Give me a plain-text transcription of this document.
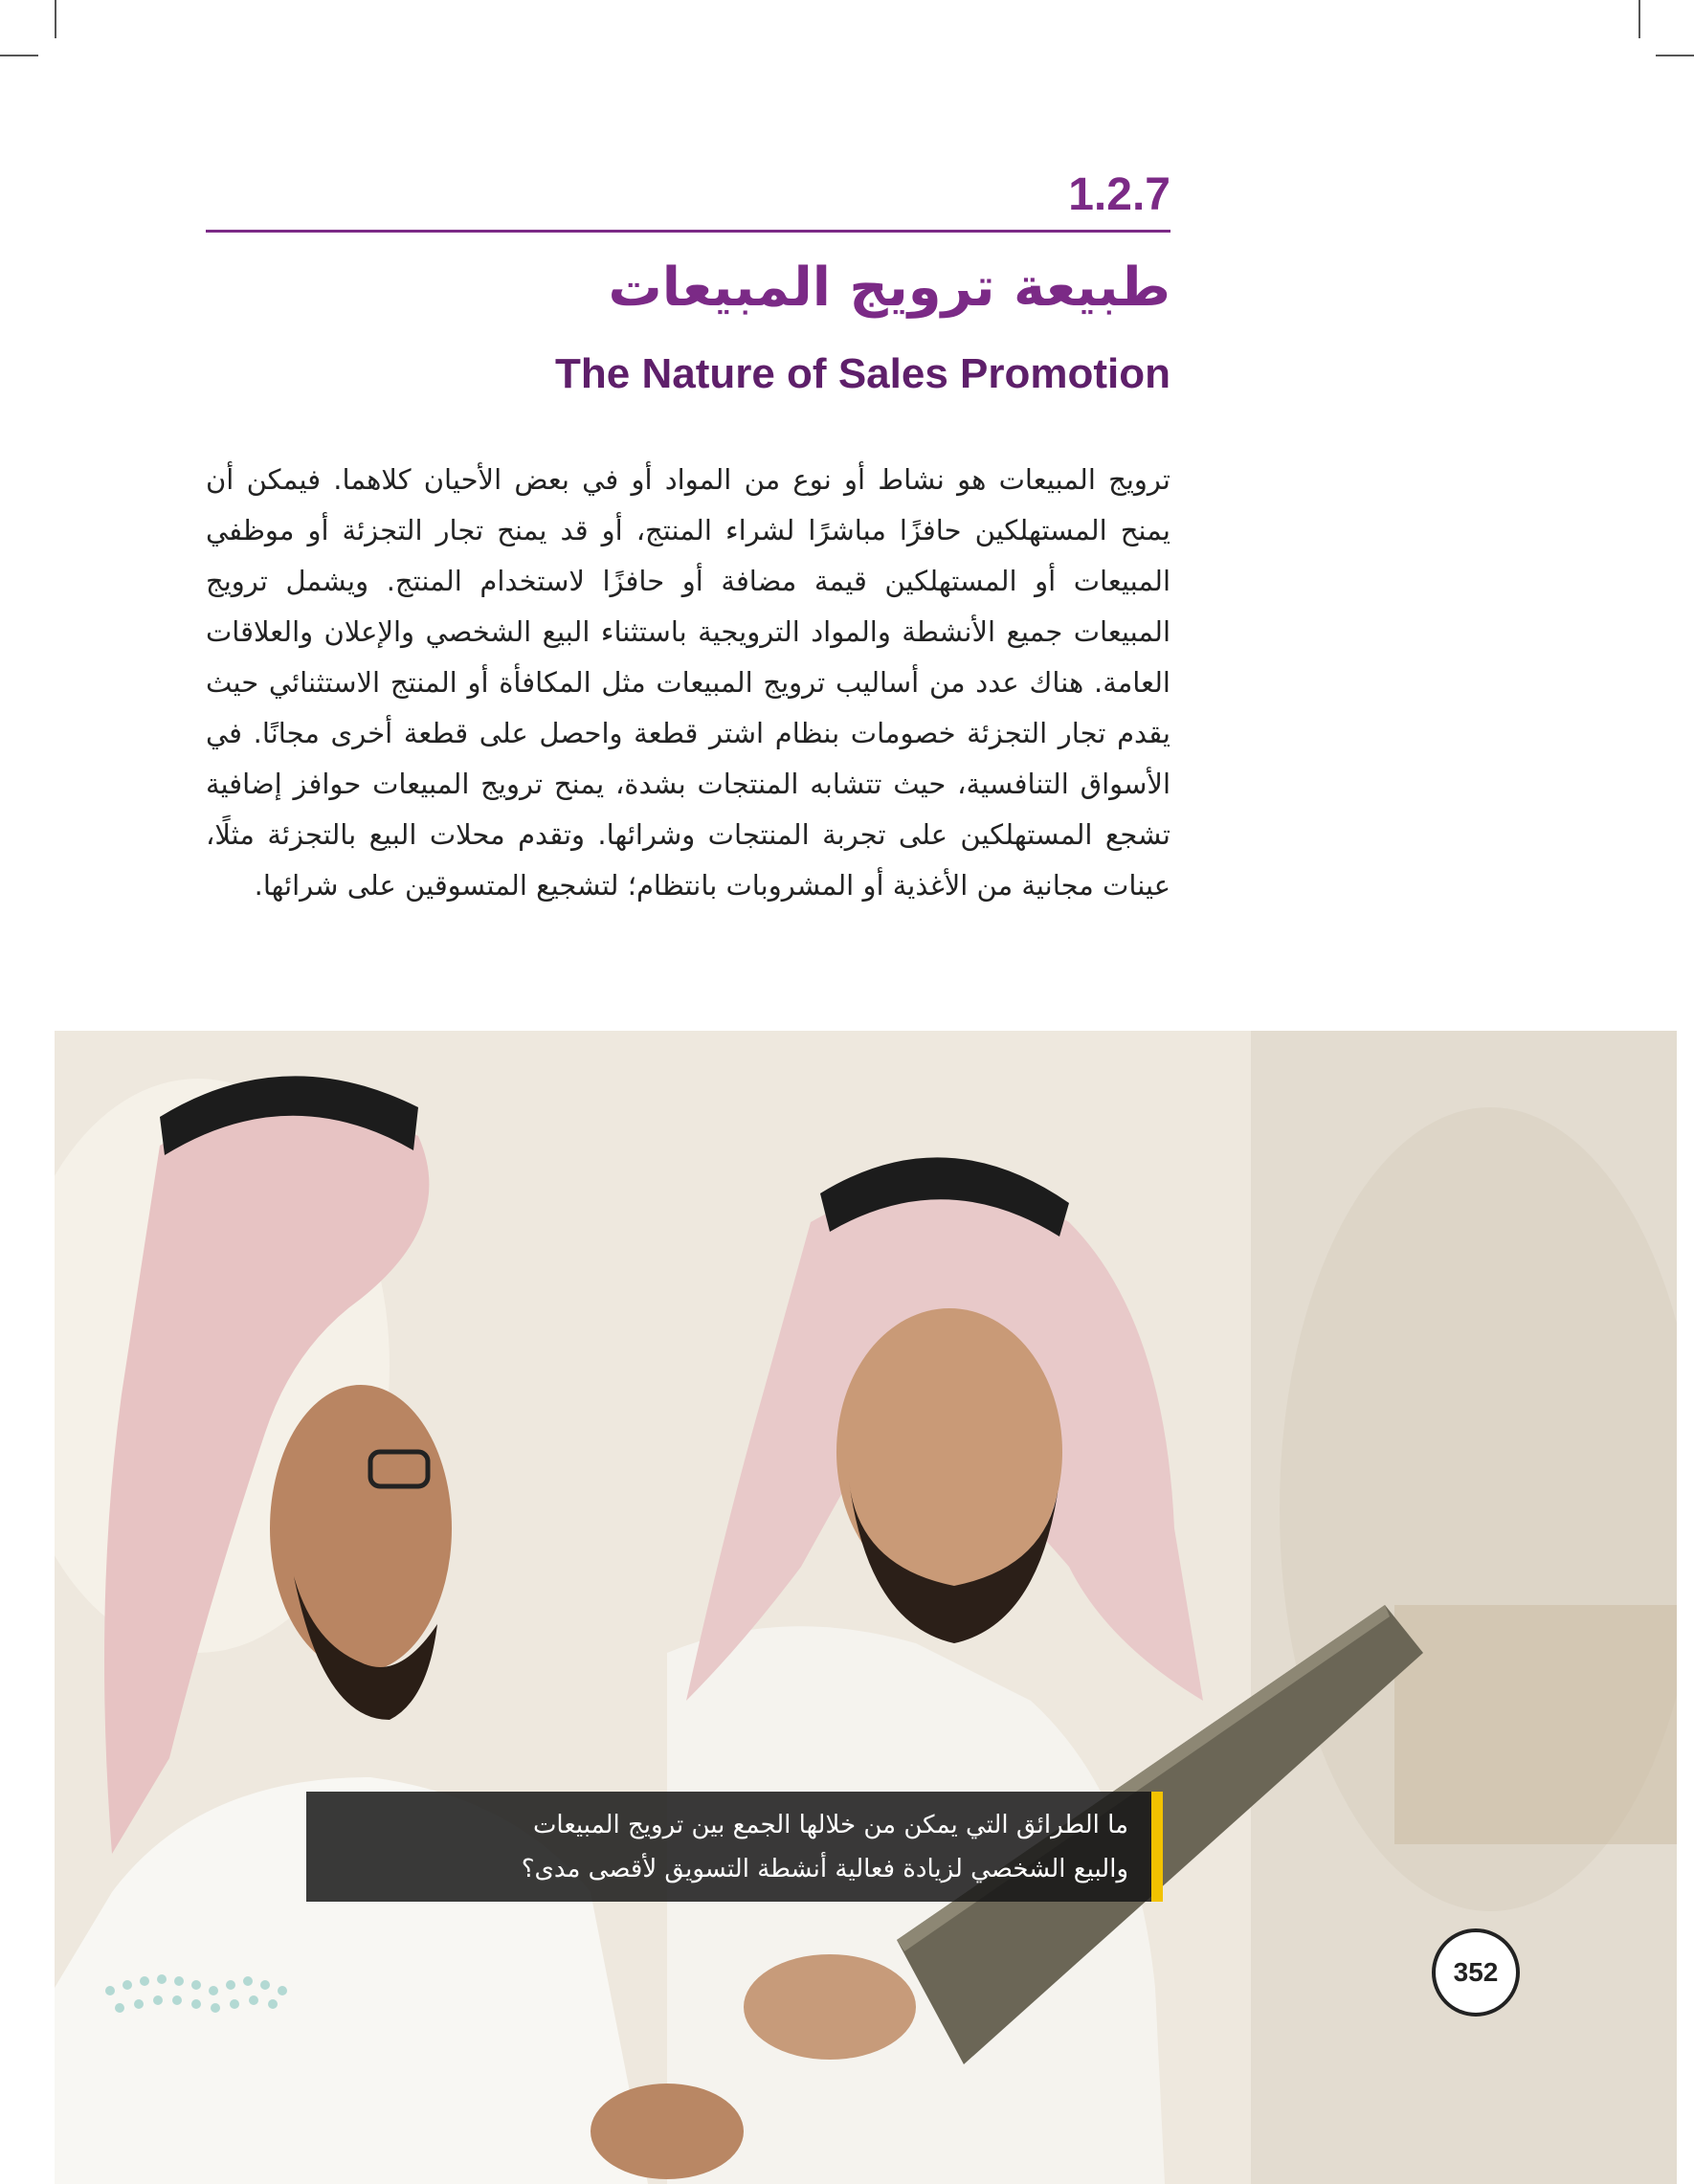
1.2.7
طبيعة ترويج المبيعات
The Nature of Sales Promotion
ترويج المبيعات هو نشاط أو نوع من المواد أو في بعض الأحيان كلاهما. فيمكن أن يمنح المستهلكين حافزًا مباشرًا لشراء المنتج، أو قد يمنح تجار التجزئة أو موظفي المبيعات أو المستهلكين قيمة مضافة أو حافزًا لاستخدام المنتج. ويشمل ترويج المبيعات جميع الأنشطة والمواد الترويجية باستثناء البيع الشخصي والإعلان والعلاقات العامة. هناك عدد من أساليب ترويج المبيعات مثل المكافأة أو المنتج الاستثنائي حيث يقدم تجار التجزئة خصومات بنظام اشتر قطعة واحصل على قطعة أخرى مجانًا. في الأسواق التنافسية، حيث تتشابه المنتجات بشدة، يمنح ترويج المبيعات حوافز إضافية تشجع المستهلكين على تجربة المنتجات وشرائها. وتقدم محلات البيع بالتجزئة مثلًا، عينات مجانية من الأغذية أو المشروبات بانتظام؛ لتشجيع المتسوقين على شرائها.
ما الطرائق التي يمكن من خلالها الجمع بين ترويج المبيعات
والبيع الشخصي لزيادة فعالية أنشطة التسويق لأقصى مدى؟
352
